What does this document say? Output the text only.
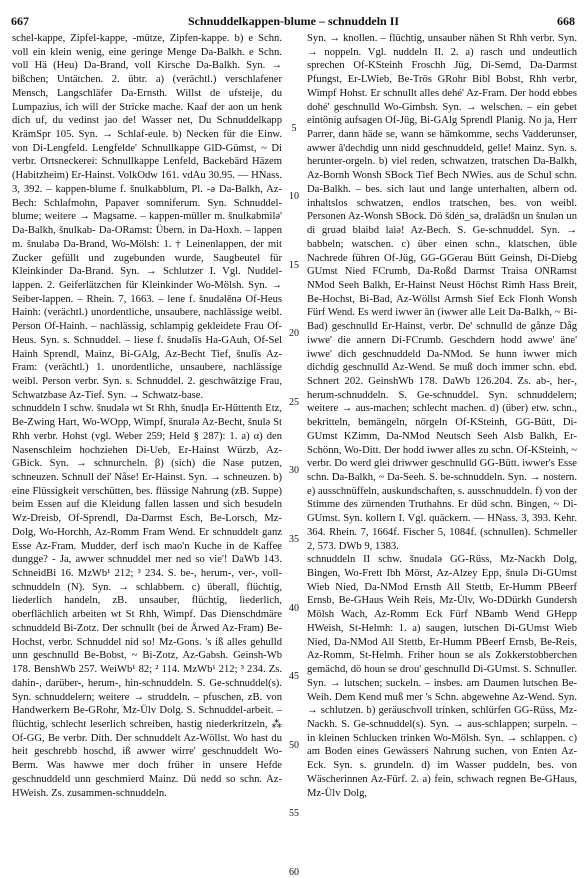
667	Schnuddelkappen-blume – schnuddeln II	668

schel-kappe, Zipfel-kappe, -mütze, Zipfen-kappe. b) e Schn. voll ein klein wenig, eine geringe Menge Da-Balkh. e Schn. voll Hä (Heu) Da-Brand, voll Kirsche Da-Balkh. Syn. → bißchen; Untätchen. 2. übtr. a) (verächtl.) verschlafener Mensch, Langschläfer Da-Ernsth. Willst de ufsteije, du Lumpazius, ich will der Stricke mache. Kaaf der aon un henk dich uf, du vedinst jao de! Wasser net, Du Schnuddelkapp KrämSpr 105. Syn. → Schlaf-eule. b) Necken für die Einw. von Di-Lengfeld. Lengfelde' Schnullkappe GlD-Gümst, ~ Di verbr. Ortsneckerei: Schnullkappe Lenfeld, Backebärd Häzem (Habitzheim) Er-Hainst. VolkOdw 161. vdAu 30.95. — HNass. 3, 392. – kappen-blume f. šnulkabblum, Pl. -ə Da-Balkh, Az-Bech: Schlafmohn, Papaver somniferum. Syn. Schnuddel-blume; weitere → Magsame. – kappen-müller m. šnulkabmilə' Da-Balkh, šnulkab- Da-ORamst: Übern. in Da-Hoxh. – lappen m. šnulabə Da-Brand, Wo-Mölsh: 1. † Leinenlappen, der mit Zucker gefüllt und zugebunden wurde, Saugbeutel für Kleinkinder Da-Brand. Syn. → Schlutzer I. Vgl. Nuddel-lappen. 2. Geiferlätzchen für Kleinkinder Wo-Mölsh. Syn. → Seiber-lappen. – Rhein. 7, 1663. – lene f. šnudəlēnə Of-Heus Hainh: (verächtl.) unordentliche, unsaubere, nachlässige weibl. Person Of-Hainh. – nachlässig, schlampig gekleidete Frau Of-Heus. Syn. s. Schnuddel. – liese f. šnudəlīs Ha-GAuh, Of-Sel Hainh Sprendl, Mainz, Bi-GAlg, Az-Becht Tief, šnulīs Az-Fram: (verächtl.) 1. unordentliche, unsaubere, nachlässige weibl. Person verbr. Syn. s. Schnuddel. 2. geschwätzige Frau, Schwatzbase Az-Tief. Syn. → Schwatz-base.

schnuddeln I schw. šnudələ wt St Rhh, šnudļə Er-Hüttenth Etz, Be-Zwing Hart, Wo-WOpp, Wimpf, šnuralə Az-Becht, šnulə St Rhh verbr. Hohst (vgl. Weber 259; Held § 287): 1. a) α) den Nasenschleim hochziehen Di-Ueb, Er-Hainst Würzb, Az-GBick. Syn. → schnurcheln. β) (sich) die Nase putzen, schneuzen. Schnull dei' Nåse! Er-Hainst. Syn. → schneuzen. b) eine Flüssigkeit verschütten, bes. flüssige Nahrung (zB. Suppe) beim Essen auf die Kleidung fallen lassen und sich besudeln Wz-Dreisb, Of-Sprendl, Da-Darmst Esch, Be-Lorsch, Mz-Dolg, Wo-Horchh, Az-Romm Fram Wend. Er schnuddelt ganz Esse Az-Fram. Mudder, derf isch mao'n Kuche in de Kaffee dungge? - Ja, awwer schnuddel mer ned so vie'! DaWb 143. SchneidBi 16. MzWb¹ 212; ³ 234. S. be-, herum-, ver-, voll-schnuddeln (N). Syn. → schlabbern. c) überall, flüchtig, liederlich handeln, zB. unsauber, flüchtig, liederlich, oberflächlich arbeiten wt St Rhh, Wimpf. Das Dienschdmäre schnuddeld Bi-Zotz. Der schnullt (bei de Ärwed Az-Fram) Be-Hochst, verbr. Schnuddel nid so! Mz-Gons. 's iß alles gehulld unn geschnulld Be-Bobst, ~ Bi-Zotz, Az-Gabsh. Geinsh-Wb 178. BenshWb 257. WeiWb¹ 82; ² 114. MzWb¹ 212; ³ 234. Zs. dahin-, darüber-, herum-, hin-schnuddeln. S. Ge-schnuddel(s). Syn. schnuddelern; weitere → struddeln. – pfuschen, zB. von Handwerkern Be-GRohr, Mz-Ülv Dolg. S. Schnuddel-arbeit. – flüchtig, schlecht leserlich schreiben, hastig niederkritzeln, ⁂ Of-GG, Be verbr. Dith. Der schnuddelt Az-Wöllst. Wo hast du heit geschrebb hoschd, iß awwer wirre' geschnuddelt Wo-Berm. Was hawwe mer doch früher in unsere Hefde geschnuddeld unn geschmierd Mainz. Dü nedd so schn. Az-HWeish. Zs. zusammen-schnuddeln.

5
10
15
20
25
30
35
40
45
50
55
60

Syn. → knollen. – flüchtig, unsauber nähen St Rhh verbr. Syn. → noppeln. Vgl. nuddeln II. 2. a) rasch und undeutlich sprechen Of-KSteinh Froschh Jüg, Di-Semd, Da-Darmst Pfungst, Er-LWieb, Be-Trös GRohr Bibl Bobst, Rhh verbr, Wimpf Hohst. Er schnullt alles dehé' Az-Fram. Der hodd ebbes dohé' geschnulld Wo-Gimbsh. Syn. → welschen. – ein gebet eintönig aufsagen Of-Jüg, Bi-GAlg Sprendl Planig. No ja, Herr Parrer, dann häde se, wann se hämkomme, sechs Vadderunser, awwer â'dechdig unn nidd geschnuddeld, gelle! Mainz. Syn. s. herunter-orgeln. b) viel reden, schwatzen, tratschen Da-Balkh, Az-Bornh Wonsh SBock Tief Bech NWies. aus de Schul schn. Da-Balkh. – bes. sich laut und lange unterhalten, albern od. inhaltslos schwatzen, endlos tratschen, bes. von weibl. Personen Az-Wonsh SBock. Dö šdén_sə, drəlädšn un šnulən un di gruəd blaibd laiə! Az-Bech. S. Ge-schnuddel. Syn. → babbeln; watschen. c) über einen schn., klatschen, üble Nachrede führen Of-Jüg, GG-GGerau Bütt Geinsh, Di-Diebg GUmst Nied FCrumb, Da-Roßd Darmst Traisa ONRamst NMod Seeh Balkh, Er-Hainst Neust Höchst Rimh Hass Breit, Be-Hochst, Bi-Bad, Az-Wöllst Armsh Sief Eck Flonh Wonsh Fürf Wend. Es werd iwwer än (iwwer alle Leit Da-Balkh, ~ Bi-Bad) geschnulld Er-Hainst, verbr. De' schnulld de gånze Dåg iwwe' die annern Di-FCrumb. Geschdern hodd awwe' äne' iwwe' dich geschnuddeld Da-NMod. Se hunn iwwer mich dichdig geschnulld Az-Wend. Se muß doch immer schn. ebd. Schnert 202. GeinshWb 178. DaWb 126.204. Zs. ab-, her-, herum-schnuddeln. S. Ge-schnuddel. Syn. schnuddelern; weitere → aus-machen; schlecht machen. d) (über) etw. schn., bekritteln, bemängeln, nörgeln Of-KSteinh, GG-Bütt, Di-GUmst KZimm, Da-NMod Neutsch Seeh Alsb Balkh, Er-Schönn, Wo-Ditt. Der hodd iwwer alles zu schn. Of-KSteinh, ~ verbr. Do werd glei driwwer geschnulld GG-Bütt. iwwer's Esse schn. Da-Balkh, ~ Da-Seeh. S. be-schnuddeln. Syn. → nostern. e) ausschnüffeln, auskundschaften, s. ausschnuddeln. f) von der Stimme des zürnenden Truthahns. Er düd schn. Bingen, ~ Di-GUmst. Syn. kollern I. Vgl. quäckern. — HNass. 3, 393. Kehr. 364. Rhein. 7, 1664f. Fischer 5, 1084f. (schnullen). Schmeller 2, 573. DWb 9, 1383.

schnuddeln II schw. šnudələ GG-Rüss, Mz-Nackh Dolg, Bingen, Wo-Frett Ibh Mörst, Az-Alzey Epp, šnulə Di-GUmst Wieb Nied, Da-NMod Ernsth All Stettb, Er-Humm PBeerf Ernsb, Be-GHaus Weih Reis, Mz-Ülv, Wo-DDürkh Gundersh Mölsh Wach, Az-Romm Eck Fürf NBamb Wend GHepp HWeish, St-Helmh: 1. a) saugen, lutschen Di-GUmst Wieb Nied, Da-NMod All Stettb, Er-Humm PBeerf Ernsb, Be-Reis, Az-Romm, St-Helmh. Friher houn se als Zokkerstobberchen gemächd, dö houn se drou' geschnulld Di-GUmst. S. Schnuller. Syn. → lutschen; suckeln. – insbes. am Daumen lutschen Be-Weih. Dem Kend muß mer 's Schn. abgewehne Az-Wend. Syn. → schlutzen. b) geräuschvoll trinken, schlürfen GG-Rüss, Mz-Nackh. S. Ge-schnuddel(s). Syn. → aus-schlappen; surpeln. – in kleinen Schlucken trinken Wo-Mölsh. Syn. → schlappen. c) am Boden eines Gewässers Nahrung suchen, von Enten Az-Eck. Syn. s. grundeln. d) im Wasser puddeln, bes. von Wäscherinnen Az-Fürf. 2. a) fein, schwach regnen Be-GHaus, Mz-Ülv Dolg,
